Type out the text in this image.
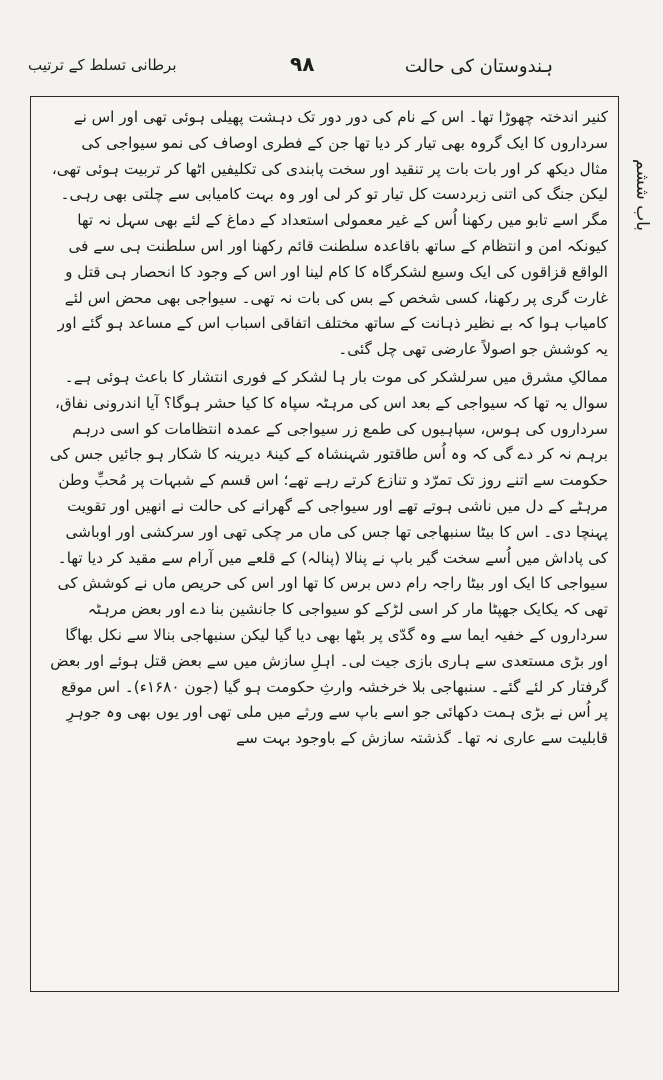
برطانی تسلط کے ترتیب	۹۸	ہندوستان کی حالت
باب ششم

کنیر اندختہ چھوڑا تھا۔ اس کے نام کی دور دور تک دہشت پھیلی ہوئی تھی اور اس نے سرداروں کا ایک گروہ بھی تیار کر دیا تھا جن کے فطری اوصاف کی نمو سیواجی کی مثال دیکھ کر اور بات بات پر تنقید اور سخت پابندی کی تکلیفیں اٹھا کر تربیت ہوئی تھی، لیکن جنگ کی اتنی زبردست کل تیار تو کر لی اور وہ بہت کامیابی سے چلتی بھی رہی۔ مگر اسے تابو میں رکھنا اُس کے غیر معمولی استعداد کے دماغ کے لئے بھی سہل نہ تھا کیونکہ امن و انتظام کے ساتھ باقاعدہ سلطنت قائم رکھنا اور اس سلطنت ہی سے فی الواقع قزاقوں کی ایک وسیع لشکرگاہ کا کام لینا اور اس کے وجود کا انحصار ہی قتل و غارت گری پر رکھنا، کسی شخص کے بس کی بات نہ تھی۔ سیواجی بھی محض اس لئے کامیاب ہوا کہ بے نظیر ذہانت کے ساتھ مختلف اتفاقی اسباب اس کے مساعد ہو گئے اور یہ کوشش جو اصولاً عارضی تھی چل گئی۔

ممالکِ مشرق میں سرلشکر کی موت بار ہا لشکر کے فوری انتشار کا باعث ہوئی ہے۔ سوال یہ تھا کہ سیواجی کے بعد اس کی مرہٹہ سپاہ کا کیا حشر ہوگا؟ آیا اندرونی نفاق، سرداروں کی ہوس، سپاہیوں کی طمع زر سیواجی کے عمدہ انتظامات کو اسی درہم برہم نہ کر دے گی کہ وہ اُس طاقتور شہنشاہ کے کینۂ دیرینہ کا شکار ہو جائیں جس کی حکومت سے اتنے روز تک تمرّد و تنازع کرتے رہے تھے؛ اس قسم کے شبہات پر مُحبِّ وطن مرہٹے کے دل میں ناشی ہوتے تھے اور سیواجی کے گھرانے کی حالت نے انھیں اور تقویت پہنچا دی۔ اس کا بیٹا سنبھاجی تھا جس کی ماں مر چکی تھی اور سرکشی اور اوباشی کی پاداش میں اُسے سخت گیر باپ نے پنالا (پنالہ) کے قلعے میں آرام سے مقید کر دیا تھا۔ سیواجی کا ایک اور بیٹا راجہ رام دس برس کا تھا اور اس کی حریص ماں نے کوشش کی تھی کہ یکایک جھپٹا مار کر اسی لڑکے کو سیواجی کا جانشین بنا دے اور بعض مرہٹہ سرداروں کے خفیہ ایما سے وہ گدّی پر بٹھا بھی دیا گیا لیکن سنبھاجی بنالا سے نکل بھاگا اور بڑی مستعدی سے ہاری بازی جیت لی۔ اہلِ سازش میں سے بعض قتل ہوئے اور بعض گرفتار کر لئے گئے۔ سنبھاجی بلا خرخشہ وارثِ حکومت ہو گیا (جون ۱۶۸۰ء)۔ اس موقع پر اُس نے بڑی ہمت دکھائی جو اسے باپ سے ورثے میں ملی تھی اور یوں بھی وہ جوہرِ قابلیت سے عاری نہ تھا۔ گذشتہ سازش کے باوجود بہت سے
